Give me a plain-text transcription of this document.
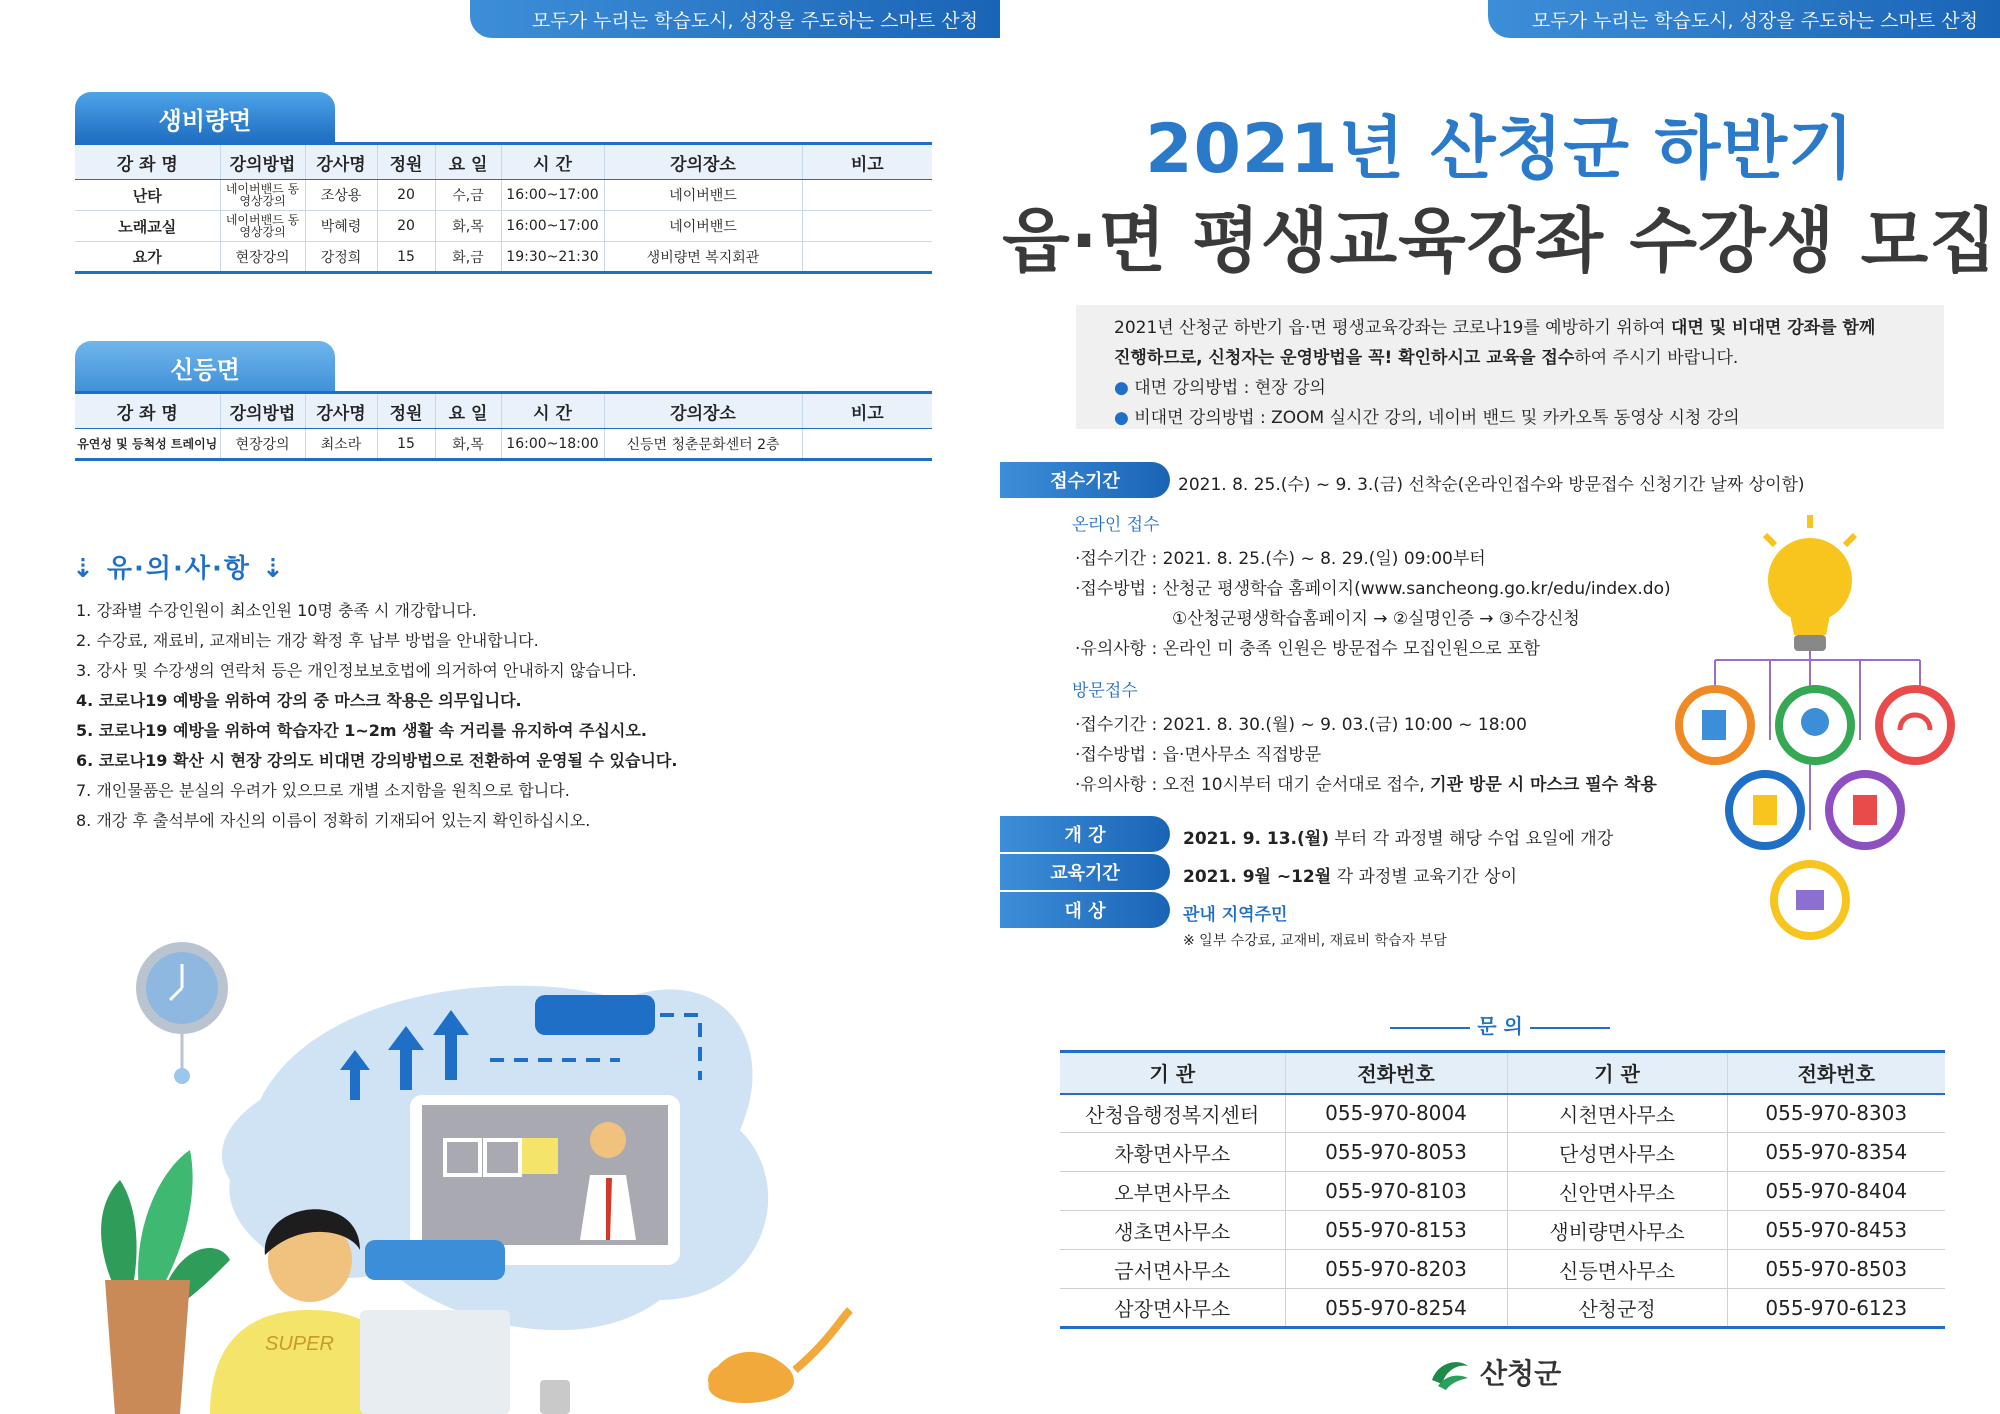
모두가 누리는 학습도시, 성장을 주도하는 스마트 산청	모두가 누리는 학습도시, 성장을 주도하는 스마트 산청
생비량면
강 좌 명	강의방법	강사명	정원	요 일	시 간	강의장소	비고
난타	네이버밴드 동영상강의	조상용	20	수,금	16:00~17:00	네이버밴드	
노래교실	네이버밴드 동영상강의	박혜령	20	화,목	16:00~17:00	네이버밴드	
요가	현장강의	강정희	15	화,금	19:30~21:30	생비량면 복지회관	
신등면
강 좌 명	강의방법	강사명	정원	요 일	시 간	강의장소	비고
유연성 및 등척성 트레이닝	현장강의	최소라	15	화,목	16:00~18:00	신등면 청춘문화센터 2층	
⇣ 유·의·사·항 ⇣
1. 강좌별 수강인원이 최소인원 10명 충족 시 개강합니다.
2. 수강료, 재료비, 교재비는 개강 확정 후 납부 방법을 안내합니다.
3. 강사 및 수강생의 연락처 등은 개인정보보호법에 의거하여 안내하지 않습니다.
4. 코로나19 예방을 위하여 강의 중 마스크 착용은 의무입니다.
5. 코로나19 예방을 위하여 학습자간 1~2m 생활 속 거리를 유지하여 주십시오.
6. 코로나19 확산 시 현장 강의도 비대면 강의방법으로 전환하여 운영될 수 있습니다.
7. 개인물품은 분실의 우려가 있으므로 개별 소지함을 원칙으로 합니다.
8. 개강 후 출석부에 자신의 이름이 정확히 기재되어 있는지 확인하십시오.
SUPER
2021년 산청군 하반기
읍·면 평생교육강좌 수강생 모집
2021년 산청군 하반기 읍·면 평생교육강좌는 코로나19를 예방하기 위하여 대면 및 비대면 강좌를 함께
진행하므로, 신청자는 운영방법을 꼭! 확인하시고 교육을 접수하여 주시기 바랍니다.
● 대면 강의방법 : 현장 강의
● 비대면 강의방법 : ZOOM 실시간 강의, 네이버 밴드 및 카카오톡 동영상 시청 강의
접수기간	2021. 8. 25.(수) ~ 9. 3.(금) 선착순(온라인접수와 방문접수 신청기간 날짜 상이함)
온라인 접수
·접수기간 : 2021. 8. 25.(수) ~ 8. 29.(일) 09:00부터
·접수방법 : 산청군 평생학습 홈페이지(www.sancheong.go.kr/edu/index.do)
①산청군평생학습홈페이지 → ②실명인증 → ③수강신청
·유의사항 : 온라인 미 충족 인원은 방문접수 모집인원으로 포함
방문접수
·접수기간 : 2021. 8. 30.(월) ~ 9. 03.(금) 10:00 ~ 18:00
·접수방법 : 읍·면사무소 직접방문
·유의사항 : 오전 10시부터 대기 순서대로 접수, 기관 방문 시 마스크 필수 착용
개 강	2021. 9. 13.(월) 부터 각 과정별 해당 수업 요일에 개강
교육기간	2021. 9월 ~12월 각 과정별 교육기간 상이
대 상	관내 지역주민
※ 일부 수강료, 교재비, 재료비 학습자 부담
문 의
기 관	전화번호	기 관	전화번호
산청읍행정복지센터	055-970-8004	시천면사무소	055-970-8303
차황면사무소	055-970-8053	단성면사무소	055-970-8354
오부면사무소	055-970-8103	신안면사무소	055-970-8404
생초면사무소	055-970-8153	생비량면사무소	055-970-8453
금서면사무소	055-970-8203	신등면사무소	055-970-8503
삼장면사무소	055-970-8254	산청군정	055-970-6123
산청군
